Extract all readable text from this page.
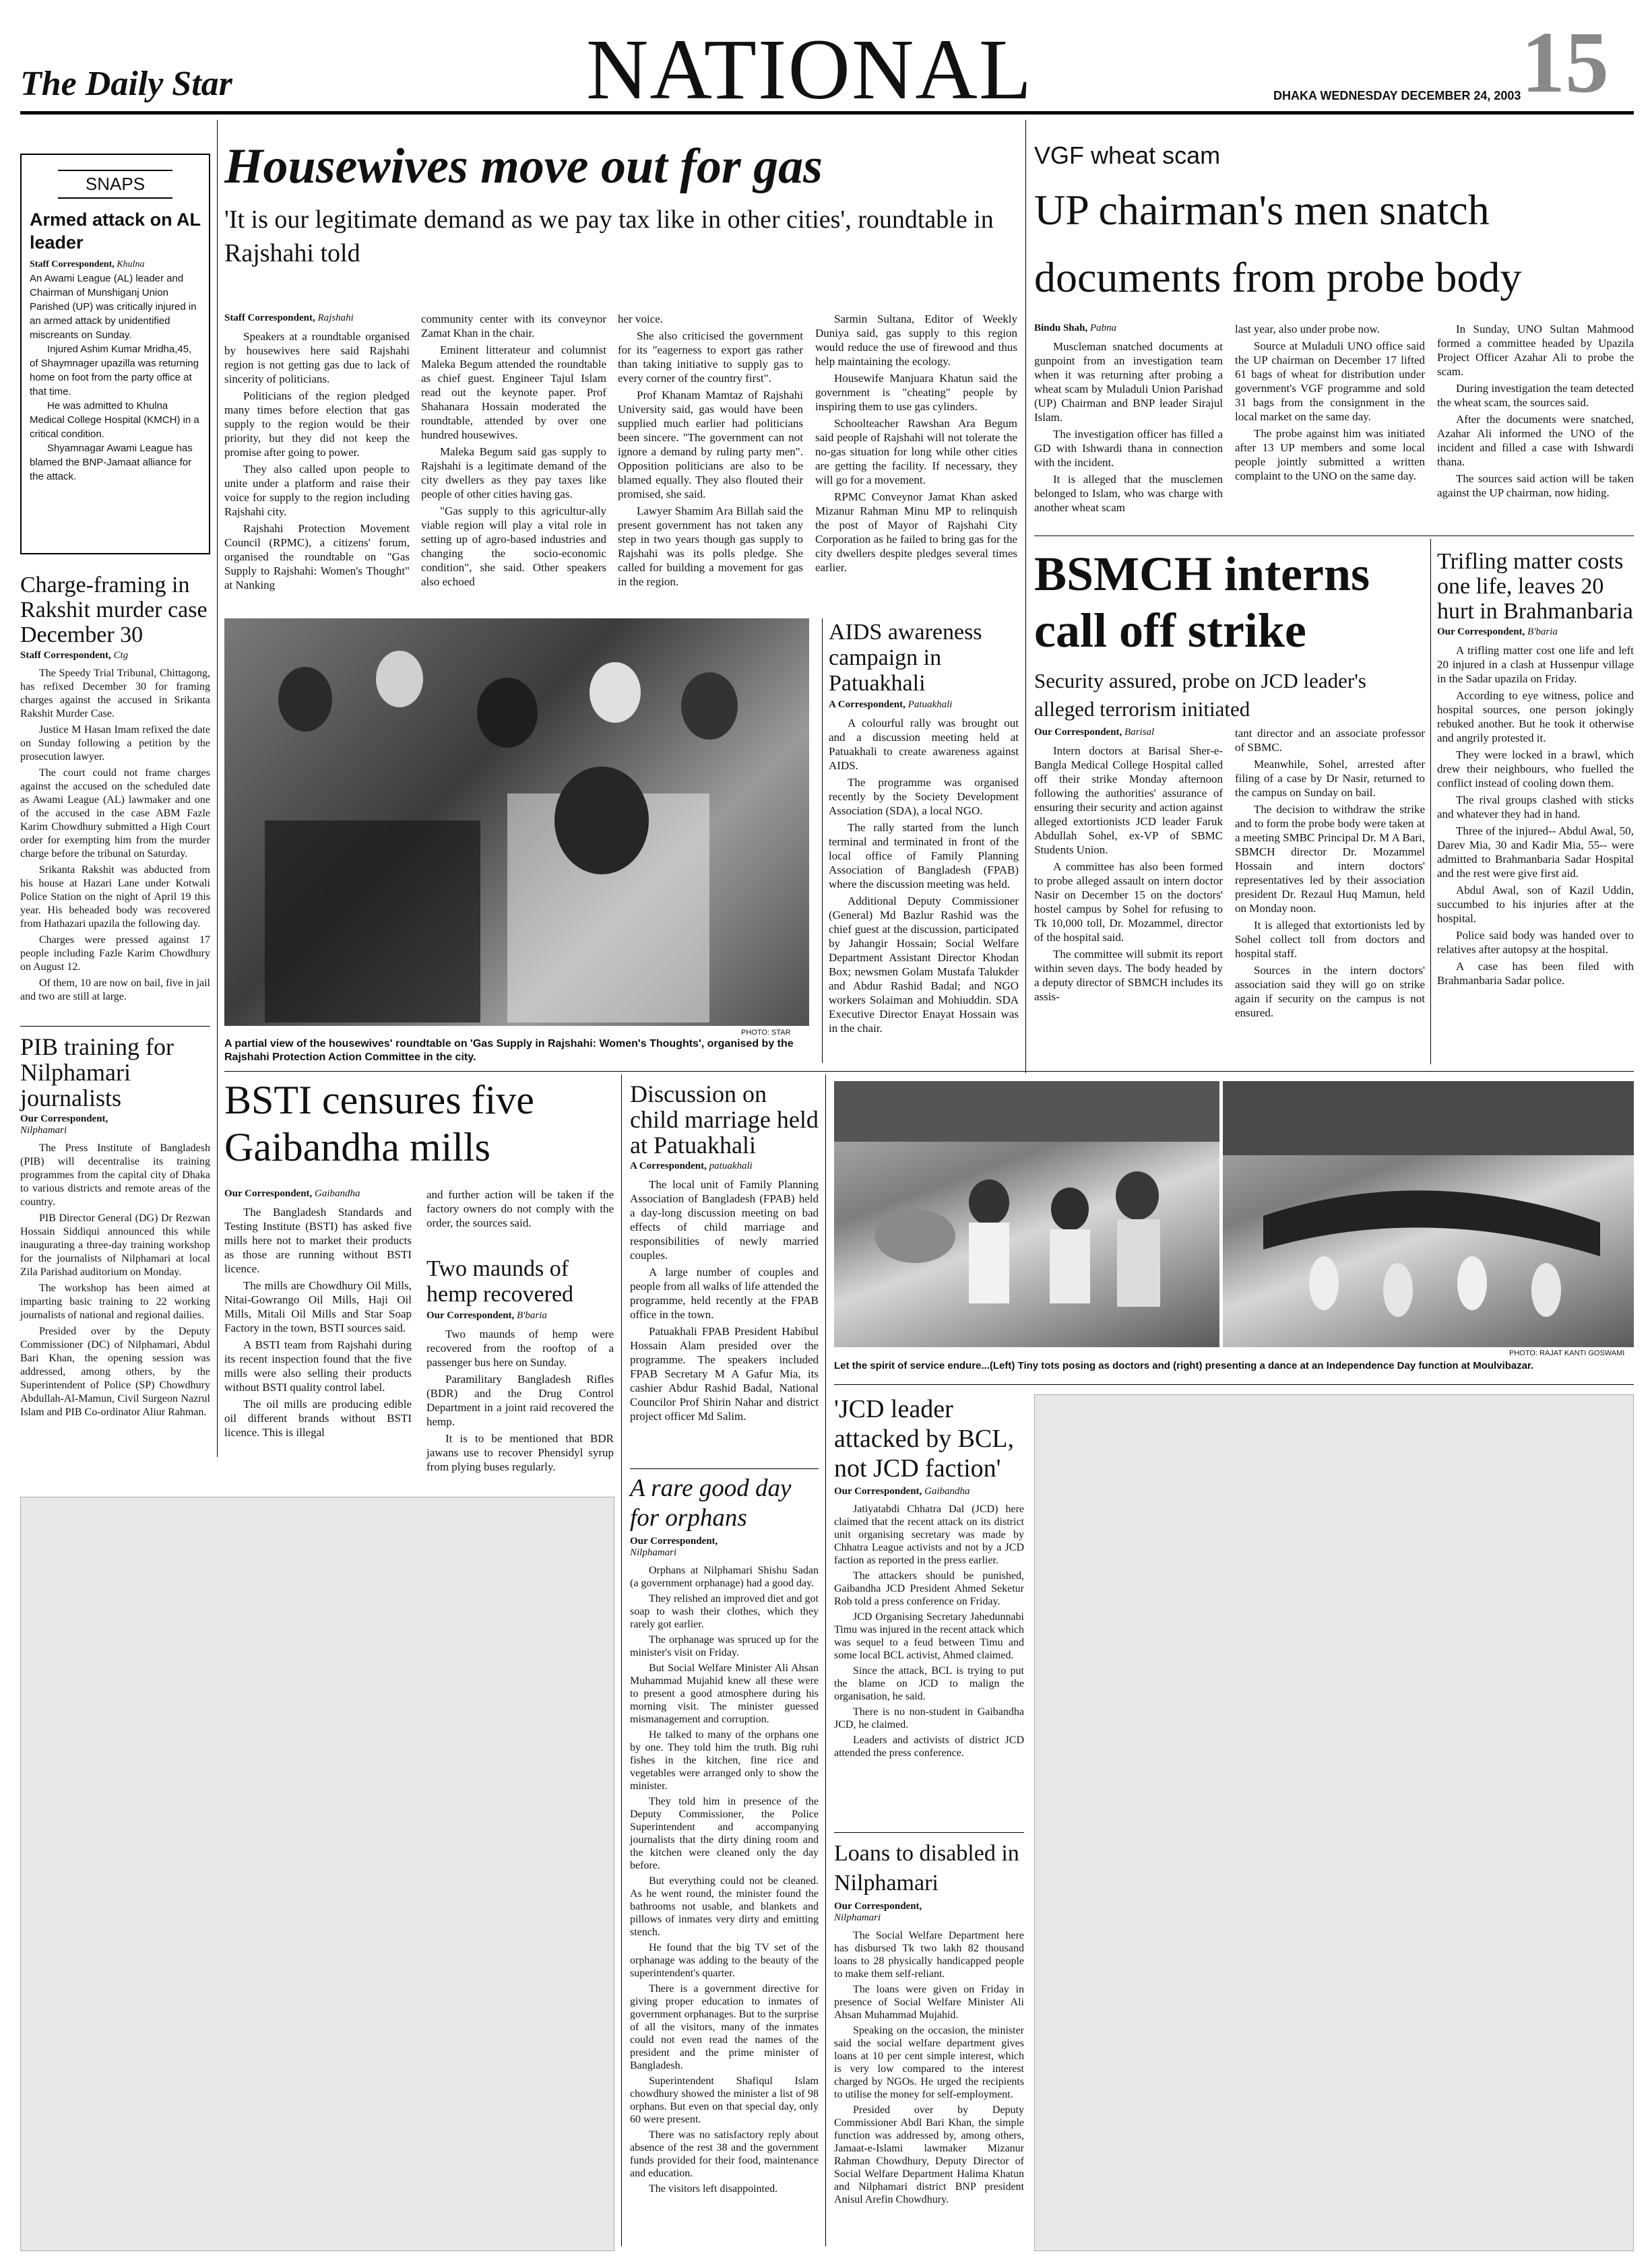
The Daily Star	NATIONAL	DHAKA WEDNESDAY DECEMBER 24, 2003 15
SNAPS
Armed attack on AL leader
Staff Correspondent, Khulna
An Awami League (AL) leader and Chairman of Munshiganj Union Parished (UP) was critically injured in an armed attack by unidentified miscreants on Sunday.
Injured Ashim Kumar Mridha,45, of Shaymnager upazilla was returning home on foot from the party office at that time.
He was admitted to Khulna Medical College Hospital (KMCH) in a critical condition.
Shyamnagar Awami League has blamed the BNP-Jamaat alliance for the attack.
Charge-framing in Rakshit murder case December 30
Staff Correspondent, Ctg

The Speedy Trial Tribunal, Chittagong, has refixed December 30 for framing charges against the accused in Srikanta Rakshit Murder Case.

Justice M Hasan Imam refixed the date on Sunday following a petition by the prosecution lawyer.

The court could not frame charges against the accused on the scheduled date as Awami League (AL) lawmaker and one of the accused in the case ABM Fazle Karim Chowdhury submitted a High Court order for exempting him from the murder charge before the tribunal on Saturday.

Srikanta Rakshit was abducted from his house at Hazari Lane under Kotwali Police Station on the night of April 19 this year. His beheaded body was recovered from Hathazari upazila the following day.

Charges were pressed against 17 people including Fazle Karim Chowdhury on August 12.

Of them, 10 are now on bail, five in jail and two are still at large.

PIB training for Nilphamari journalists
Our Correspondent,
Nilphamari

The Press Institute of Bangladesh (PIB) will decentralise its training programmes from the capital city of Dhaka to various districts and remote areas of the country.

PIB Director General (DG) Dr Rezwan Hossain Siddiqui announced this while inaugurating a three-day training workshop for the journalists of Nilphamari at local Zila Parishad auditorium on Monday.

The workshop has been aimed at imparting basic training to 22 working journalists of national and regional dailies.

Presided over by the Deputy Commissioner (DC) of Nilphamari, Abdul Bari Khan, the opening session was addressed, among others, by the Superintendent of Police (SP) Chowdhury Abdullah-Al-Mamun, Civil Surgeon Nazrul Islam and PIB Co-ordinator Aliur Rahman.

Housewives move out for gas
'It is our legitimate demand as we pay tax like in other cities', roundtable in Rajshahi told
Staff Correspondent, Rajshahi

Speakers at a roundtable organised by housewives here said Rajshahi region is not getting gas due to lack of sincerity of politicians.

Politicians of the region pledged many times before election that gas supply to the region would be their priority, but they did not keep the promise after going to power.

They also called upon people to unite under a platform and raise their voice for supply to the region including Rajshahi city.

Rajshahi Protection Movement Council (RPMC), a citizens' forum, organised the roundtable on "Gas Supply to Rajshahi: Women's Thought" at Nanking

community center with its conveynor Zamat Khan in the chair.

Eminent litterateur and columnist Maleka Begum attended the roundtable as chief guest. Engineer Tajul Islam read out the keynote paper. Prof Shahanara Hossain moderated the roundtable, attended by over one hundred housewives.

Maleka Begum said gas supply to Rajshahi is a legitimate demand of the city dwellers as they pay taxes like people of other cities having gas.

"Gas supply to this agricultur-ally viable region will play a vital role in setting up of agro-based industries and changing the socio-economic condition", she said. Other speakers also echoed

her voice.

She also criticised the government for its "eagerness to export gas rather than taking initiative to supply gas to every corner of the country first".

Prof Khanam Mamtaz of Rajshahi University said, gas would have been supplied much earlier had politicians been sincere. "The government can not ignore a demand by ruling party men". Opposition politicians are also to be blamed equally. They also flouted their promised, she said.

Lawyer Shamim Ara Billah said the present government has not taken any step in two years though gas supply to Rajshahi was its polls pledge. She called for building a movement for gas in the region.

Sarmin Sultana, Editor of Weekly Duniya said, gas supply to this region would reduce the use of firewood and thus help maintaining the ecology.

Housewife Manjuara Khatun said the government is "cheating" people by inspiring them to use gas cylinders.

Schoolteacher Rawshan Ara Begum said people of Rajshahi will not tolerate the no-gas situation for long while other cities are getting the facility. If necessary, they will go for a movement.

RPMC Conveynor Jamat Khan asked Mizanur Rahman Minu MP to relinquish the post of Mayor of Rajshahi City Corporation as he failed to bring gas for the city dwellers despite pledges several times earlier.

PHOTO: STAR
A partial view of the housewives' roundtable on 'Gas Supply in Rajshahi: Women's Thoughts', organised by the Rajshahi Protection Action Committee in the city.
AIDS awareness campaign in Patuakhali
A Correspondent, Patuakhali

A colourful rally was brought out and a discussion meeting held at Patuakhali to create awareness against AIDS.

The programme was organised recently by the Society Development Association (SDA), a local NGO.

The rally started from the lunch terminal and terminated in front of the local office of Family Planning Association of Bangladesh (FPAB) where the discussion meeting was held.

Additional Deputy Commissioner (General) Md Bazlur Rashid was the chief guest at the discussion, participated by Jahangir Hossain; Social Welfare Department Assistant Director Khodan Box; newsmen Golam Mustafa Talukder and Abdur Rashid Badal; and NGO workers Solaiman and Mohiuddin. SDA Executive Director Enayat Hossain was in the chair.

VGF wheat scam
UP chairman's men snatch documents from probe body
Bindu Shah, Pabna

Muscleman snatched documents at gunpoint from an investigation team when it was returning after probing a wheat scam by Muladuli Union Parishad (UP) Chairman and BNP leader Sirajul Islam.

The investigation officer has filled a GD with Ishwardi thana in connection with the incident.

It is alleged that the musclemen belonged to Islam, who was charge with another wheat scam

last year, also under probe now.

Source at Muladuli UNO office said the UP chairman on December 17 lifted 61 bags of wheat for distribution under government's VGF programme and sold 31 bags from the consignment in the local market on the same day.

The probe against him was initiated after 13 UP members and some local people jointly submitted a written complaint to the UNO on the same day.

In Sunday, UNO Sultan Mahmood formed a committee headed by Upazila Project Officer Azahar Ali to probe the scam.

During investigation the team detected the wheat scam, the sources said.

After the documents were snatched, Azahar Ali informed the UNO of the incident and filled a case with Ishwardi thana.

The sources said action will be taken against the UP chairman, now hiding.

BSMCH interns call off strike
Security assured, probe on JCD leader's alleged terrorism initiated
Our Correspondent, Barisal

Intern doctors at Barisal Sher-e-Bangla Medical College Hospital called off their strike Monday afternoon following the authorities' assurance of ensuring their security and action against alleged extortionists JCD leader Faruk Abdullah Sohel, ex-VP of SBMC Students Union.

A committee has also been formed to probe alleged assault on intern doctor Nasir on December 15 on the doctors' hostel campus by Sohel for refusing to Tk 10,000 toll, Dr. Mozammel, director of the hospital said.

The committee will submit its report within seven days. The body headed by a deputy director of SBMCH includes its assis-

tant director and an associate professor of SBMC.

Meanwhile, Sohel, arrested after filing of a case by Dr Nasir, returned to the campus on Sunday on bail.

The decision to withdraw the strike and to form the probe body were taken at a meeting SMBC Principal Dr. M A Bari, SBMCH director Dr. Mozammel Hossain and intern doctors' representatives led by their association president Dr. Rezaul Huq Mamun, held on Monday noon.

It is alleged that extortionists led by Sohel collect toll from doctors and hospital staff.

Sources in the intern doctors' association said they will go on strike again if security on the campus is not ensured.

Trifling matter costs one life, leaves 20 hurt in Brahmanbaria
Our Correspondent, B'baria

A trifling matter cost one life and left 20 injured in a clash at Hussenpur village in the Sadar upazila on Friday.

According to eye witness, police and hospital sources, one person jokingly rebuked another. But he took it otherwise and angrily protested it.

They were locked in a brawl, which drew their neighbours, who fuelled the conflict instead of cooling down them.

The rival groups clashed with sticks and whatever they had in hand.

Three of the injured-- Abdul Awal, 50, Darev Mia, 30 and Kadir Mia, 55-- were admitted to Brahmanbaria Sadar Hospital and the rest were give first aid.

Abdul Awal, son of Kazil Uddin, succumbed to his injuries after at the hospital.

Police said body was handed over to relatives after autopsy at the hospital.

A case has been filed with Brahmanbaria Sadar police.

BSTI censures five Gaibandha mills
Our Correspondent, Gaibandha

The Bangladesh Standards and Testing Institute (BSTI) has asked five mills here not to market their products as those are running without BSTI licence.

The mills are Chowdhury Oil Mills, Nitai-Gowrango Oil Mills, Haji Oil Mills, Mitali Oil Mills and Star Soap Factory in the town, BSTI sources said.

A BSTI team from Rajshahi during its recent inspection found that the five mills were also selling their products without BSTI quality control label.

The oil mills are producing edible oil different brands without BSTI licence. This is illegal

and further action will be taken if the factory owners do not comply with the order, the sources said.

Two maunds of hemp recovered
Our Correspondent, B'baria

Two maunds of hemp were recovered from the rooftop of a passenger bus here on Sunday.

Paramilitary Bangladesh Rifles (BDR) and the Drug Control Department in a joint raid recovered the hemp.

It is to be mentioned that BDR jawans use to recover Phensidyl syrup from plying buses regularly.

Discussion on child marriage held at Patuakhali
A Correspondent, patuakhali

The local unit of Family Planning Association of Bangladesh (FPAB) held a day-long discussion meeting on bad effects of child marriage and responsibilities of newly married couples.

A large number of couples and people from all walks of life attended the programme, held recently at the FPAB office in the town.

Patuakhali FPAB President Habibul Hossain Alam presided over the programme. The speakers included FPAB Secretary M A Gafur Mia, its cashier Abdur Rashid Badal, National Councilor Prof Shirin Nahar and district project officer Md Salim.

A rare good day for orphans
Our Correspondent,
Nilphamari

Orphans at Nilphamari Shishu Sadan (a government orphanage) had a good day.

They relished an improved diet and got soap to wash their clothes, which they rarely got earlier.

The orphanage was spruced up for the minister's visit on Friday.

But Social Welfare Minister Ali Ahsan Muhammad Mujahid knew all these were to present a good atmosphere during his morning visit. The minister guessed mismanagement and corruption.

He talked to many of the orphans one by one. They told him the truth. Big ruhi fishes in the kitchen, fine rice and vegetables were arranged only to show the minister.

They told him in presence of the Deputy Commissioner, the Police Superintendent and accompanying journalists that the dirty dining room and the kitchen were cleaned only the day before.

But everything could not be cleaned. As he went round, the minister found the bathrooms not usable, and blankets and pillows of inmates very dirty and emitting stench.

He found that the big TV set of the orphanage was adding to the beauty of the superintendent's quarter.

There is a government directive for giving proper education to inmates of government orphanages. But to the surprise of all the visitors, many of the inmates could not even read the names of the president and the prime minister of Bangladesh.

Superintendent Shafiqul Islam chowdhury showed the minister a list of 98 orphans. But even on that special day, only 60 were present.

There was no satisfactory reply about absence of the rest 38 and the government funds provided for their food, maintenance and education.

The visitors left disappointed.

PHOTO: RAJAT KANTI GOSWAMI
Let the spirit of service endure...(Left) Tiny tots posing as doctors and (right) presenting a dance at an Independence Day function at Moulvibazar.
'JCD leader attacked by BCL, not JCD faction'
Our Correspondent, Gaibandha

Jatiyatabdi Chhatra Dal (JCD) here claimed that the recent attack on its district unit organising secretary was made by Chhatra League activists and not by a JCD faction as reported in the press earlier.

The attackers should be punished, Gaibandha JCD President Ahmed Seketur Rob told a press conference on Friday.

JCD Organising Secretary Jahedunnabi Timu was injured in the recent attack which was sequel to a feud between Timu and some local BCL activist, Ahmed claimed.

Since the attack, BCL is trying to put the blame on JCD to malign the organisation, he said.

There is no non-student in Gaibandha JCD, he claimed.

Leaders and activists of district JCD attended the press conference.

Loans to disabled in Nilphamari
Our Correspondent,
Nilphamari

The Social Welfare Department here has disbursed Tk two lakh 82 thousand loans to 28 physically handicapped people to make them self-reliant.

The loans were given on Friday in presence of Social Welfare Minister Ali Ahsan Muhammad Mujahid.

Speaking on the occasion, the minister said the social welfare department gives loans at 10 per cent simple interest, which is very low compared to the interest charged by NGOs. He urged the recipients to utilise the money for self-employment.

Presided over by Deputy Commissioner Abdl Bari Khan, the simple function was addressed by, among others, Jamaat-e-Islami lawmaker Mizanur Rahman Chowdhury, Deputy Director of Social Welfare Department Halima Khatun and Nilphamari district BNP president Anisul Arefin Chowdhury.
